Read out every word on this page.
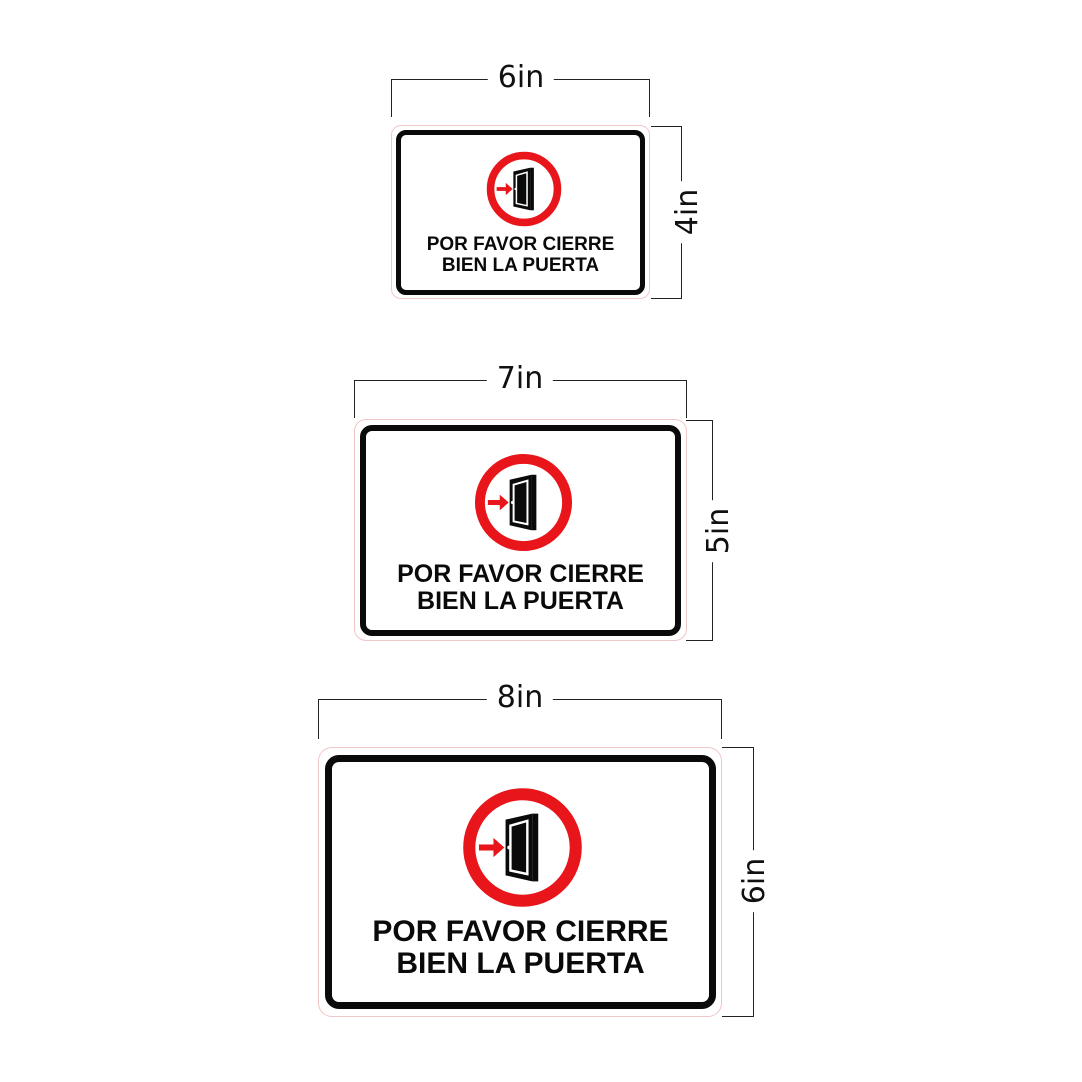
6in
4in
POR FAVOR CIERRE
BIEN LA PUERTA
7in
5in
POR FAVOR CIERRE
BIEN LA PUERTA
8in
6in
POR FAVOR CIERRE
BIEN LA PUERTA
